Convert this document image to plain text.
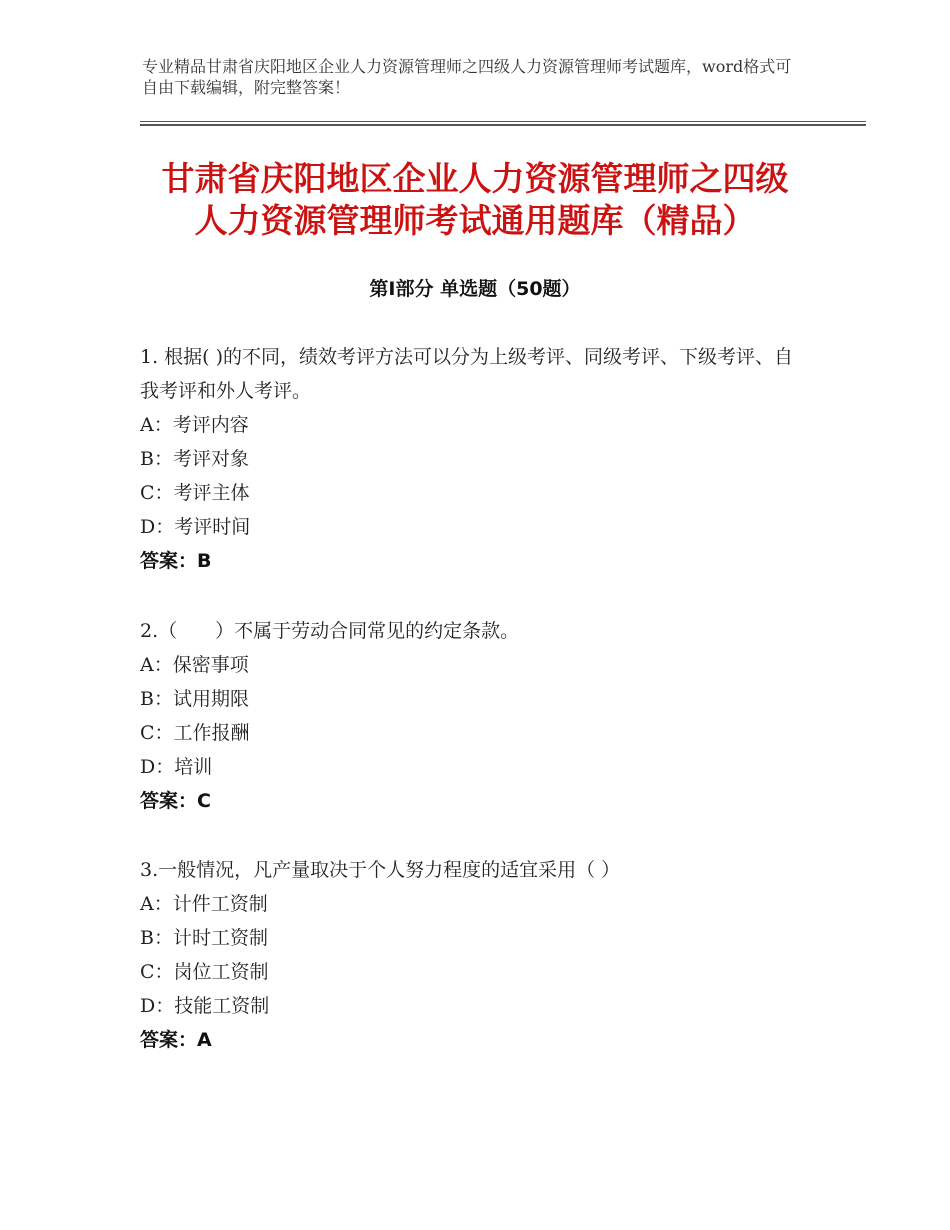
专业精品甘肃省庆阳地区企业人力资源管理师之四级人力资源管理师考试题库，word格式可自由下载编辑，附完整答案！
甘肃省庆阳地区企业人力资源管理师之四级
人力资源管理师考试通用题库（精品）
第Ⅰ部分 单选题（50题）
1. 根据( )的不同，绩效考评方法可以分为上级考评、同级考评、下级考评、自我考评和外人考评。
A：考评内容
B：考评对象
C：考评主体
D：考评时间
答案：B
2.（　　）不属于劳动合同常见的约定条款。
A：保密事项
B：试用期限
C：工作报酬
D：培训
答案：C
3.一般情况，凡产量取决于个人努力程度的适宜采用（ ）
A：计件工资制
B：计时工资制
C：岗位工资制
D：技能工资制
答案：A
